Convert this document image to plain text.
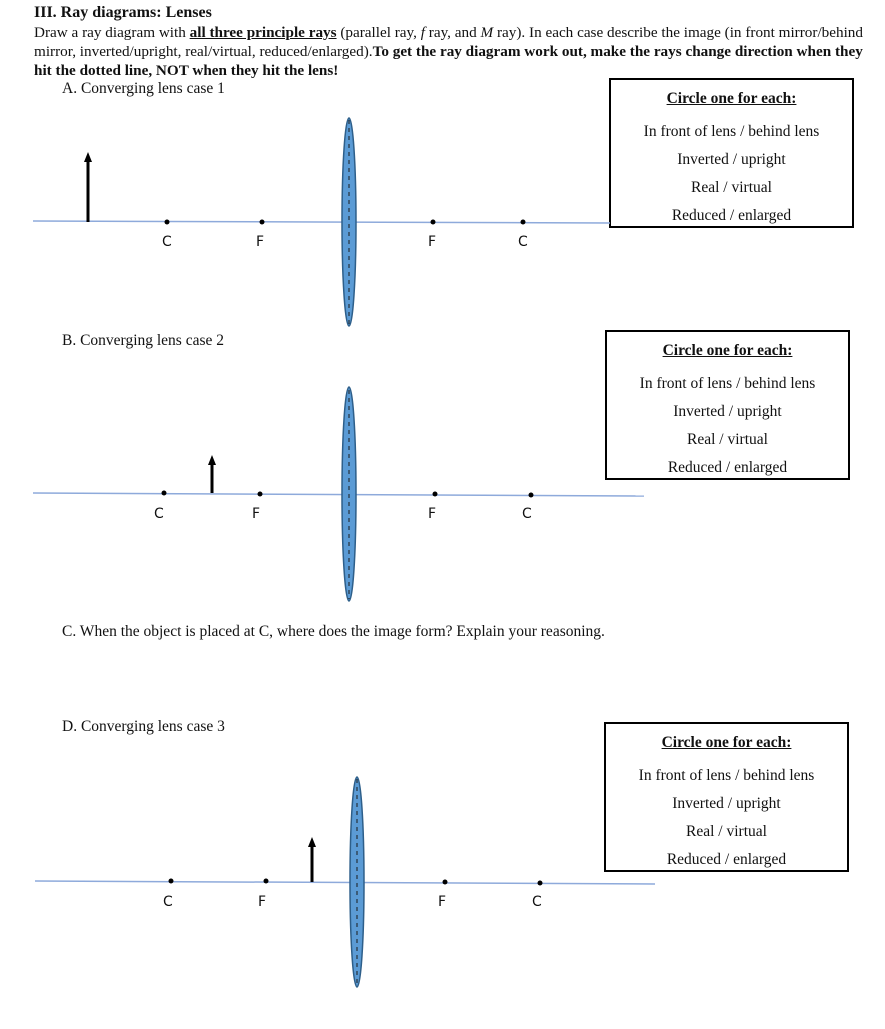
III. Ray diagrams: Lenses
Draw a ray diagram with all three principle rays (parallel ray, f ray, and M ray). In each case describe the image (in front mirror/behind mirror, inverted/upright, real/virtual, reduced/enlarged).To get the ray diagram work out, make the rays change direction when they hit the dotted line, NOT when they hit the lens!
A. Converging lens case 1
Circle one for each:
In front of lens / behind lens
Inverted / upright
Real / virtual
Reduced / enlarged
C	F	F	C
B. Converging lens case 2
Circle one for each:
In front of lens / behind lens
Inverted / upright
Real / virtual
Reduced / enlarged
C	F	F	C
C. When the object is placed at C, where does the image form? Explain your reasoning.
D. Converging lens case 3
Circle one for each:
In front of lens / behind lens
Inverted / upright
Real / virtual
Reduced / enlarged
C	F	F	C
